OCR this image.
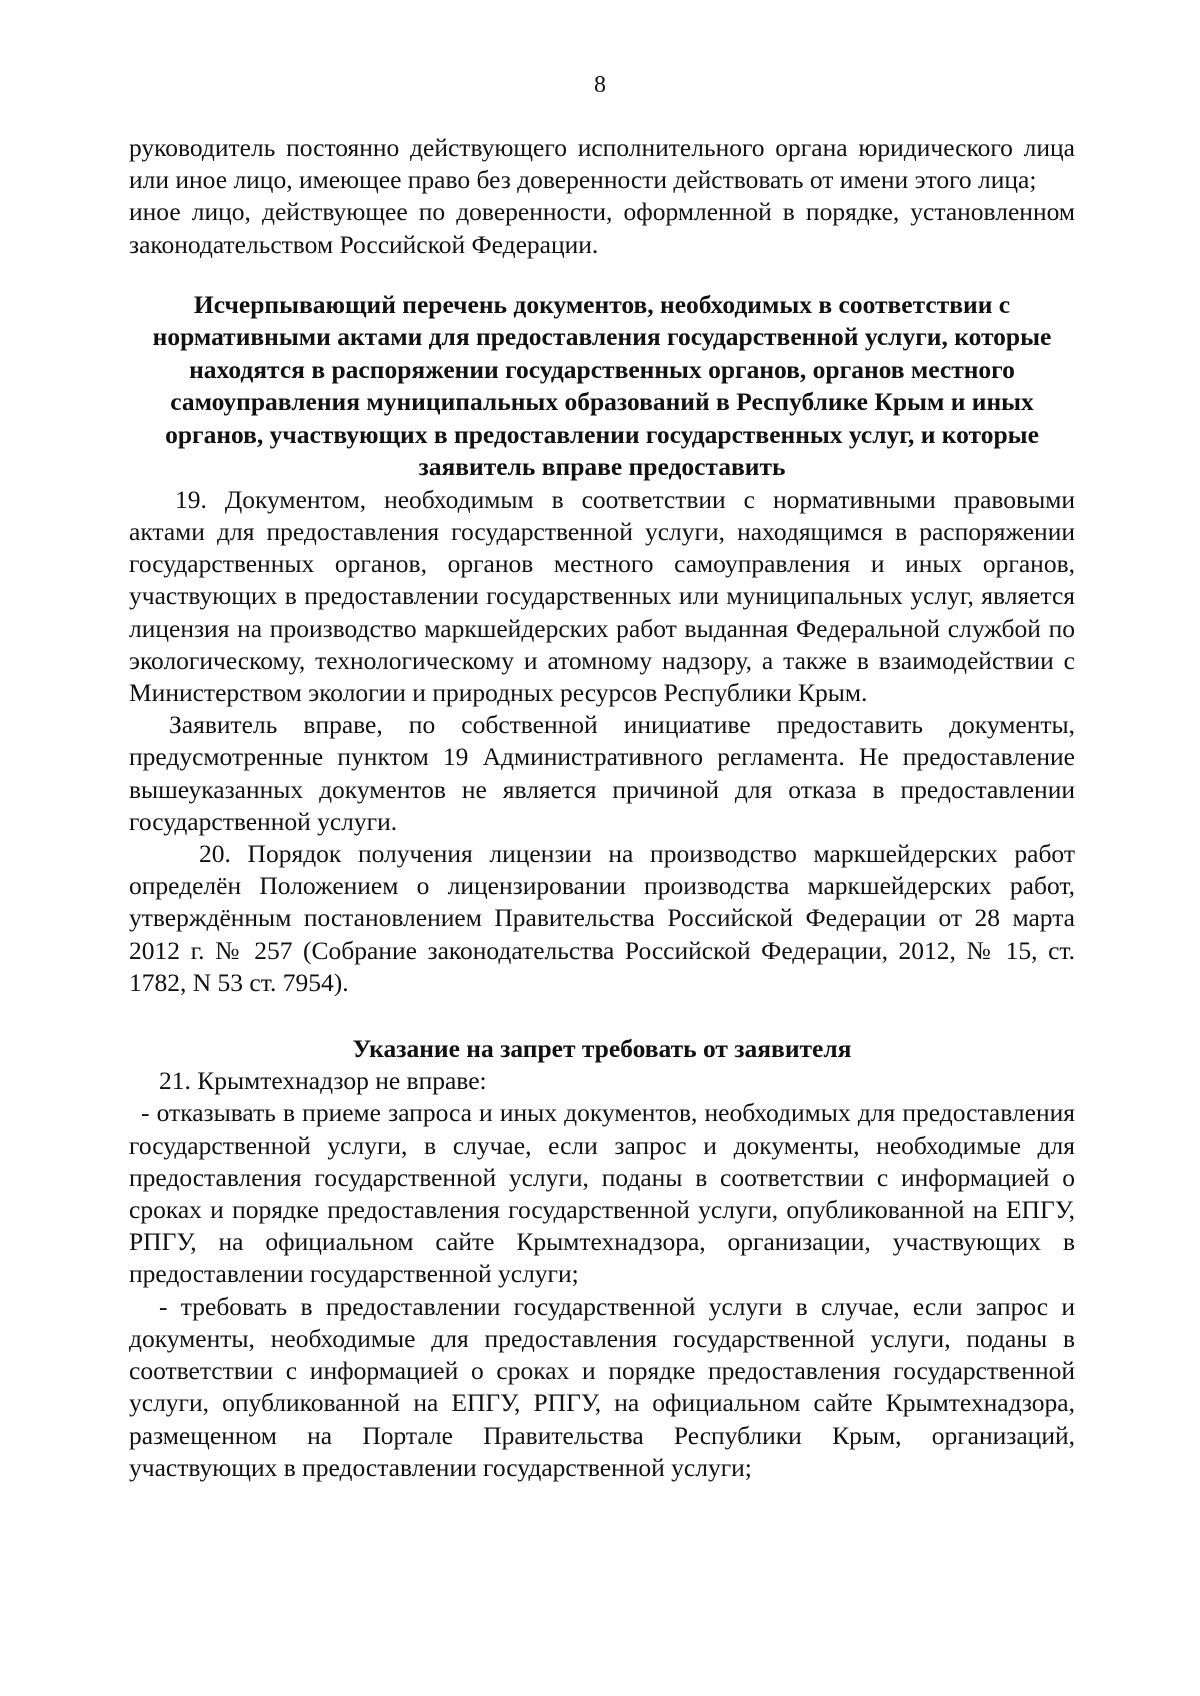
8

руководитель постоянно действующего исполнительного органа юридического лица или иное лицо, имеющее право без доверенности действовать от имени этого лица;

иное лицо, действующее по доверенности, оформленной в порядке, установленном законодательством Российской Федерации.

Исчерпывающий перечень документов, необходимых в соответствии с нормативными актами для предоставления государственной услуги, которые находятся в распоряжении государственных органов, органов местного самоуправления муниципальных образований в Республике Крым и иных органов, участвующих в предоставлении государственных услуг, и которые заявитель вправе предоставить

19. Документом, необходимым в соответствии с нормативными правовыми актами для предоставления государственной услуги, находящимся в распоряжении государственных органов, органов местного самоуправления и иных органов, участвующих в предоставлении государственных или муниципальных услуг, является лицензия на производство маркшейдерских работ выданная Федеральной службой по экологическому, технологическому и атомному надзору, а также в взаимодействии с Министерством экологии и природных ресурсов Республики Крым.

Заявитель вправе, по собственной инициативе предоставить документы, предусмотренные пунктом 19 Административного регламента. Не предоставление вышеуказанных документов не является причиной для отказа в предоставлении государственной услуги.

20. Порядок получения лицензии на производство маркшейдерских работ определён Положением о лицензировании производства маркшейдерских работ, утверждённым постановлением Правительства Российской Федерации от 28 марта 2012 г. № 257 (Собрание законодательства Российской Федерации, 2012, № 15, ст. 1782, N 53 ст. 7954).

Указание на запрет требовать от заявителя

21. Крымтехнадзор не вправе:

- отказывать в приеме запроса и иных документов, необходимых для предоставления государственной услуги, в случае, если запрос и документы, необходимые для предоставления государственной услуги, поданы в соответствии с информацией о сроках и порядке предоставления государственной услуги, опубликованной на ЕПГУ, РПГУ, на официальном сайте Крымтехнадзора, организации, участвующих в предоставлении государственной услуги;

- требовать в предоставлении государственной услуги в случае, если запрос и документы, необходимые для предоставления государственной услуги, поданы в соответствии с информацией о сроках и порядке предоставления государственной услуги, опубликованной на ЕПГУ, РПГУ, на официальном сайте Крымтехнадзора, размещенном на Портале Правительства Республики Крым, организаций, участвующих в предоставлении государственной услуги;
